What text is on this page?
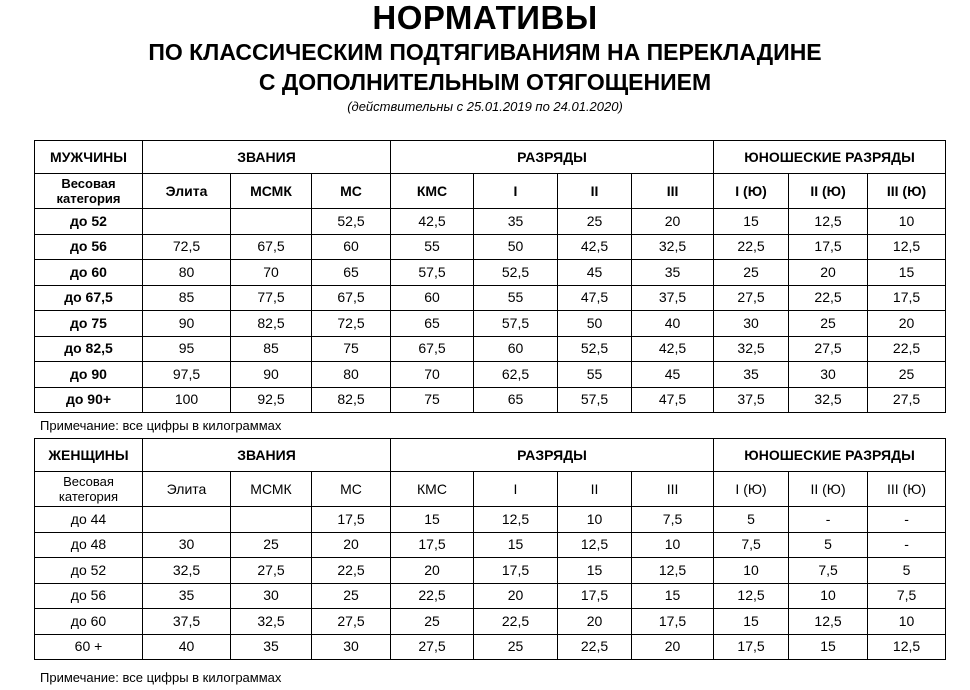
НОРМАТИВЫ
ПО КЛАССИЧЕСКИМ ПОДТЯГИВАНИЯМ НА ПЕРЕКЛАДИНЕ
С ДОПОЛНИТЕЛЬНЫМ ОТЯГОЩЕНИЕМ
(действительны с 25.01.2019 по 24.01.2020)
МУЖЧИНЫ	ЗВАНИЯ			РАЗРЯДЫ				ЮНОШЕСКИЕ РАЗРЯДЫ		
Весовая категория	Элита	МСМК	МС	КМС	I	II	III	I (Ю)	II (Ю)	III (Ю)
до 52			52,5	42,5	35	25	20	15	12,5	10
до 56	72,5	67,5	60	55	50	42,5	32,5	22,5	17,5	12,5
до 60	80	70	65	57,5	52,5	45	35	25	20	15
до 67,5	85	77,5	67,5	60	55	47,5	37,5	27,5	22,5	17,5
до 75	90	82,5	72,5	65	57,5	50	40	30	25	20
до 82,5	95	85	75	67,5	60	52,5	42,5	32,5	27,5	22,5
до 90	97,5	90	80	70	62,5	55	45	35	30	25
до 90+	100	92,5	82,5	75	65	57,5	47,5	37,5	32,5	27,5
Примечание: все цифры в килограммах
ЖЕНЩИНЫ	ЗВАНИЯ			РАЗРЯДЫ				ЮНОШЕСКИЕ РАЗРЯДЫ		
Весовая категория	Элита	МСМК	МС	КМС	I	II	III	I (Ю)	II (Ю)	III (Ю)
до 44			17,5	15	12,5	10	7,5	5	-	-
до 48	30	25	20	17,5	15	12,5	10	7,5	5	-
до 52	32,5	27,5	22,5	20	17,5	15	12,5	10	7,5	5
до 56	35	30	25	22,5	20	17,5	15	12,5	10	7,5
до 60	37,5	32,5	27,5	25	22,5	20	17,5	15	12,5	10
60 +	40	35	30	27,5	25	22,5	20	17,5	15	12,5
Примечание: все цифры в килограммах
